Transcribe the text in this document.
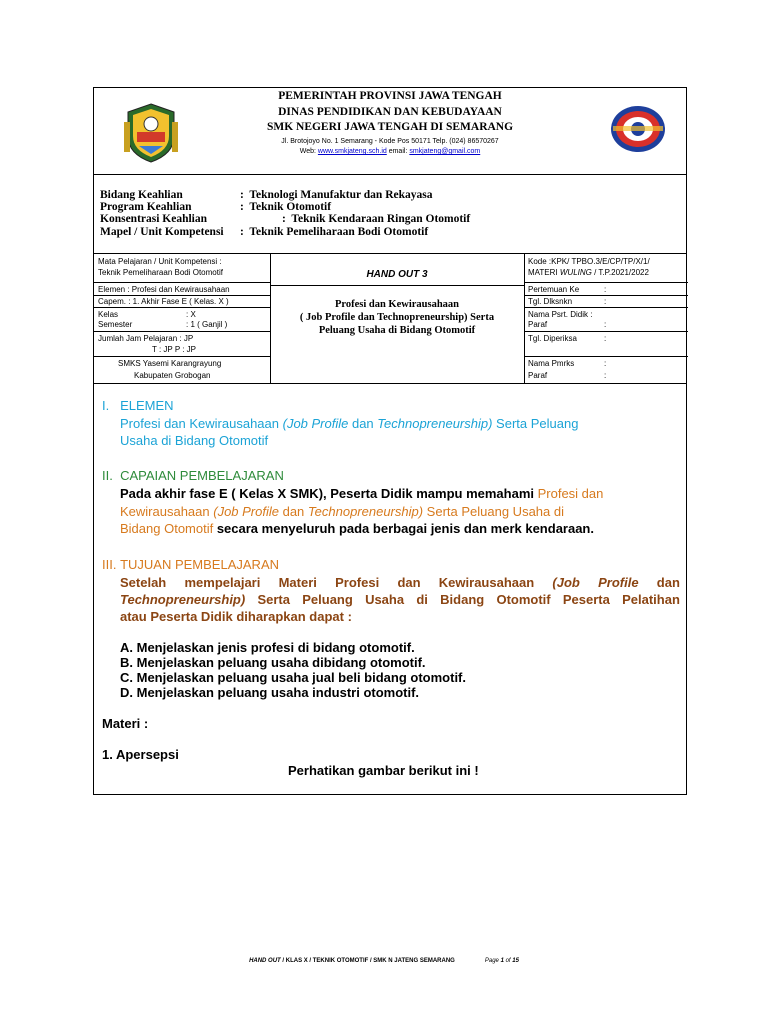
PEMERINTAH PROVINSI JAWA TENGAH
DINAS PENDIDIKAN DAN KEBUDAYAAN
SMK NEGERI JAWA TENGAH DI SEMARANG
Jl. Brotojoyo No. 1 Semarang - Kode Pos 50171 Telp. (024) 86570267
Web: www.smkjateng.sch.id email: smkjateng@gmail.com
Bidang Keahlian	: Teknologi Manufaktur dan Rekayasa
Program Keahlian	: Teknik Otomotif
Konsentrasi Keahlian	: Teknik Kendaraan Ringan Otomotif
Mapel / Unit Kompetensi : Teknik Pemeliharaan Bodi Otomotif
Mata Pelajaran / Unit Kompetensi :
Teknik Pemeliharaan Bodi Otomotif
Elemen : Profesi dan Kewirausahaan
Capem. : 1. Akhir Fase E ( Kelas. X )
Kelas	: X
Semester	: 1 ( Ganjil )
Jumlah Jam Pelajaran : JP
T : JP P : JP
SMKS Yasemi Karangrayung
Kabupaten Grobogan
HAND OUT 3
Profesi dan Kewirausahaan
( Job Profile dan Technopreneurship) Serta
Peluang Usaha di Bidang Otomotif
Kode :KPK/ TPBO.3/E/CP/TP/X/1/
MATERI WULING / T.P.2021/2022
Pertemuan Ke	:
Tgl. Dlksnkn	:
Nama Psrt. Didik :
Paraf	:
Tgl. Diperiksa	:
Nama Pmrks	:
Paraf	:
I. ELEMEN
Profesi dan Kewirausahaan (Job Profile dan Technopreneurship) Serta Peluang
Usaha di Bidang Otomotif
II. CAPAIAN PEMBELAJARAN
Pada akhir fase E ( Kelas X SMK), Peserta Didik mampu memahami Profesi dan
Kewirausahaan (Job Profile dan Technopreneurship) Serta Peluang Usaha di
Bidang Otomotif secara menyeluruh pada berbagai jenis dan merk kendaraan.
III. TUJUAN PEMBELAJARAN
Setelah mempelajari Materi Profesi dan Kewirausahaan (Job Profile dan
Technopreneurship) Serta Peluang Usaha di Bidang Otomotif Peserta Pelatihan
atau Peserta Didik diharapkan dapat :
A. Menjelaskan jenis profesi di bidang otomotif.
B. Menjelaskan peluang usaha dibidang otomotif.
C. Menjelaskan peluang usaha jual beli bidang otomotif.
D. Menjelaskan peluang usaha industri otomotif.
Materi :
1. Apersepsi
Perhatikan gambar berikut ini !
HAND OUT / KLAS X / TEKNIK OTOMOTIF / SMK N JATENG SEMARANG	Page 1 of 15
